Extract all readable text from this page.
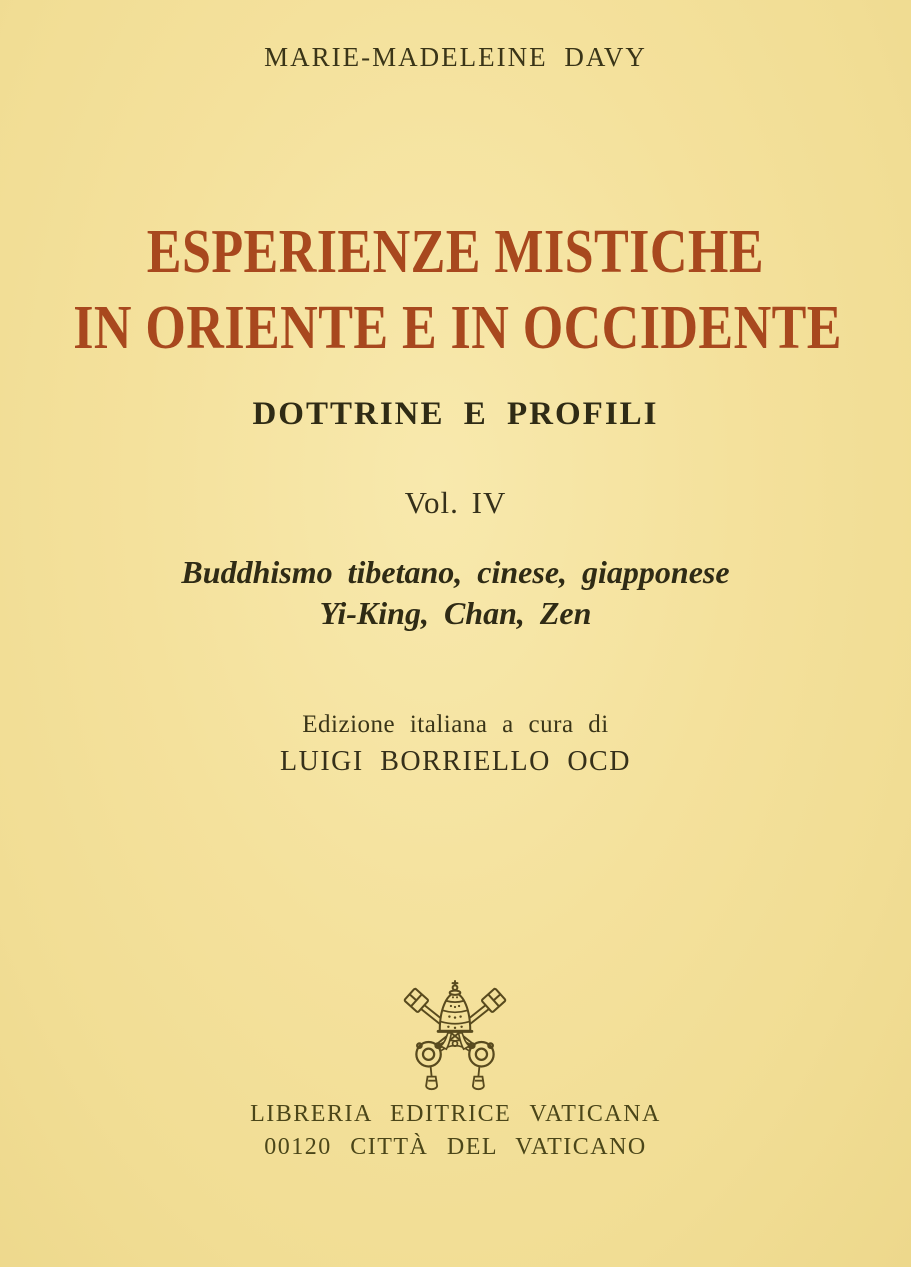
MARIE-MADELEINE DAVY
ESPERIENZE MISTICHE
IN ORIENTE E IN OCCIDENTE
DOTTRINE E PROFILI
Vol. IV
Buddhismo tibetano, cinese, giapponese
Yi-King, Chan, Zen
Edizione italiana a cura di
LUIGI BORRIELLO OCD
LIBRERIA EDITRICE VATICANA
00120 CITTÀ DEL VATICANO
